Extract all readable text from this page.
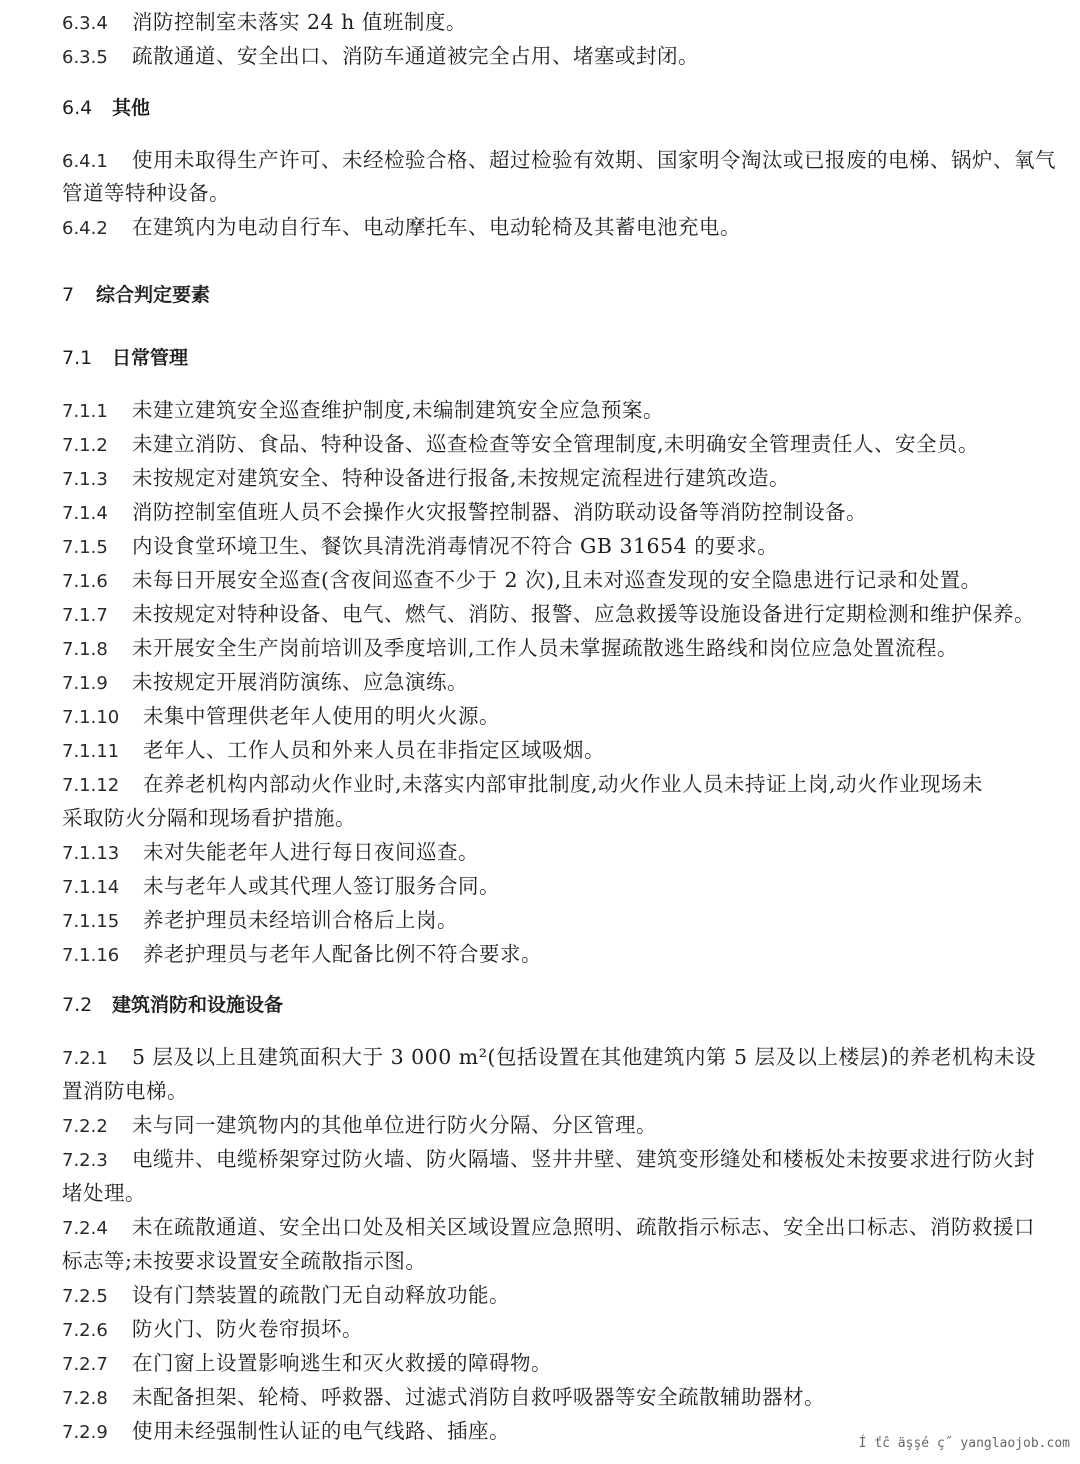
6.3.4 消防控制室未落实 24 h 值班制度。
6.3.5 疏散通道、安全出口、消防车通道被完全占用、堵塞或封闭。
6.4 其他
6.4.1 使用未取得生产许可、未经检验合格、超过检验有效期、国家明令淘汰或已报废的电梯、锅炉、氧气
管道等特种设备。
6.4.2 在建筑内为电动自行车、电动摩托车、电动轮椅及其蓄电池充电。
7 综合判定要素
7.1 日常管理
7.1.1 未建立建筑安全巡查维护制度,未编制建筑安全应急预案。
7.1.2 未建立消防、食品、特种设备、巡查检查等安全管理制度,未明确安全管理责任人、安全员。
7.1.3 未按规定对建筑安全、特种设备进行报备,未按规定流程进行建筑改造。
7.1.4 消防控制室值班人员不会操作火灾报警控制器、消防联动设备等消防控制设备。
7.1.5 内设食堂环境卫生、餐饮具清洗消毒情况不符合 GB 31654 的要求。
7.1.6 未每日开展安全巡查(含夜间巡查不少于 2 次),且未对巡查发现的安全隐患进行记录和处置。
7.1.7 未按规定对特种设备、电气、燃气、消防、报警、应急救援等设施设备进行定期检测和维护保养。
7.1.8 未开展安全生产岗前培训及季度培训,工作人员未掌握疏散逃生路线和岗位应急处置流程。
7.1.9 未按规定开展消防演练、应急演练。
7.1.10 未集中管理供老年人使用的明火火源。
7.1.11 老年人、工作人员和外来人员在非指定区域吸烟。
7.1.12 在养老机构内部动火作业时,未落实内部审批制度,动火作业人员未持证上岗,动火作业现场未
采取防火分隔和现场看护措施。
7.1.13 未对失能老年人进行每日夜间巡查。
7.1.14 未与老年人或其代理人签订服务合同。
7.1.15 养老护理员未经培训合格后上岗。
7.1.16 养老护理员与老年人配备比例不符合要求。
7.2 建筑消防和设施设备
7.2.1 5 层及以上且建筑面积大于 3 000 m²(包括设置在其他建筑内第 5 层及以上楼层)的养老机构未设
置消防电梯。
7.2.2 未与同一建筑物内的其他单位进行防火分隔、分区管理。
7.2.3 电缆井、电缆桥架穿过防火墙、防火隔墙、竖井井壁、建筑变形缝处和楼板处未按要求进行防火封
堵处理。
7.2.4 未在疏散通道、安全出口处及相关区域设置应急照明、疏散指示标志、安全出口标志、消防救援口
标志等;未按要求设置安全疏散指示图。
7.2.5 设有门禁装置的疏散门无自动释放功能。
7.2.6 防火门、防火卷帘损坏。
7.2.7 在门窗上设置影响逃生和灭火救援的障碍物。
7.2.8 未配备担架、轮椅、呼救器、过滤式消防自救呼吸器等安全疏散辅助器材。
7.2.9 使用未经强制性认证的电气线路、插座。
Í ťĉ äşşé ç˝ yanglaojob.com
